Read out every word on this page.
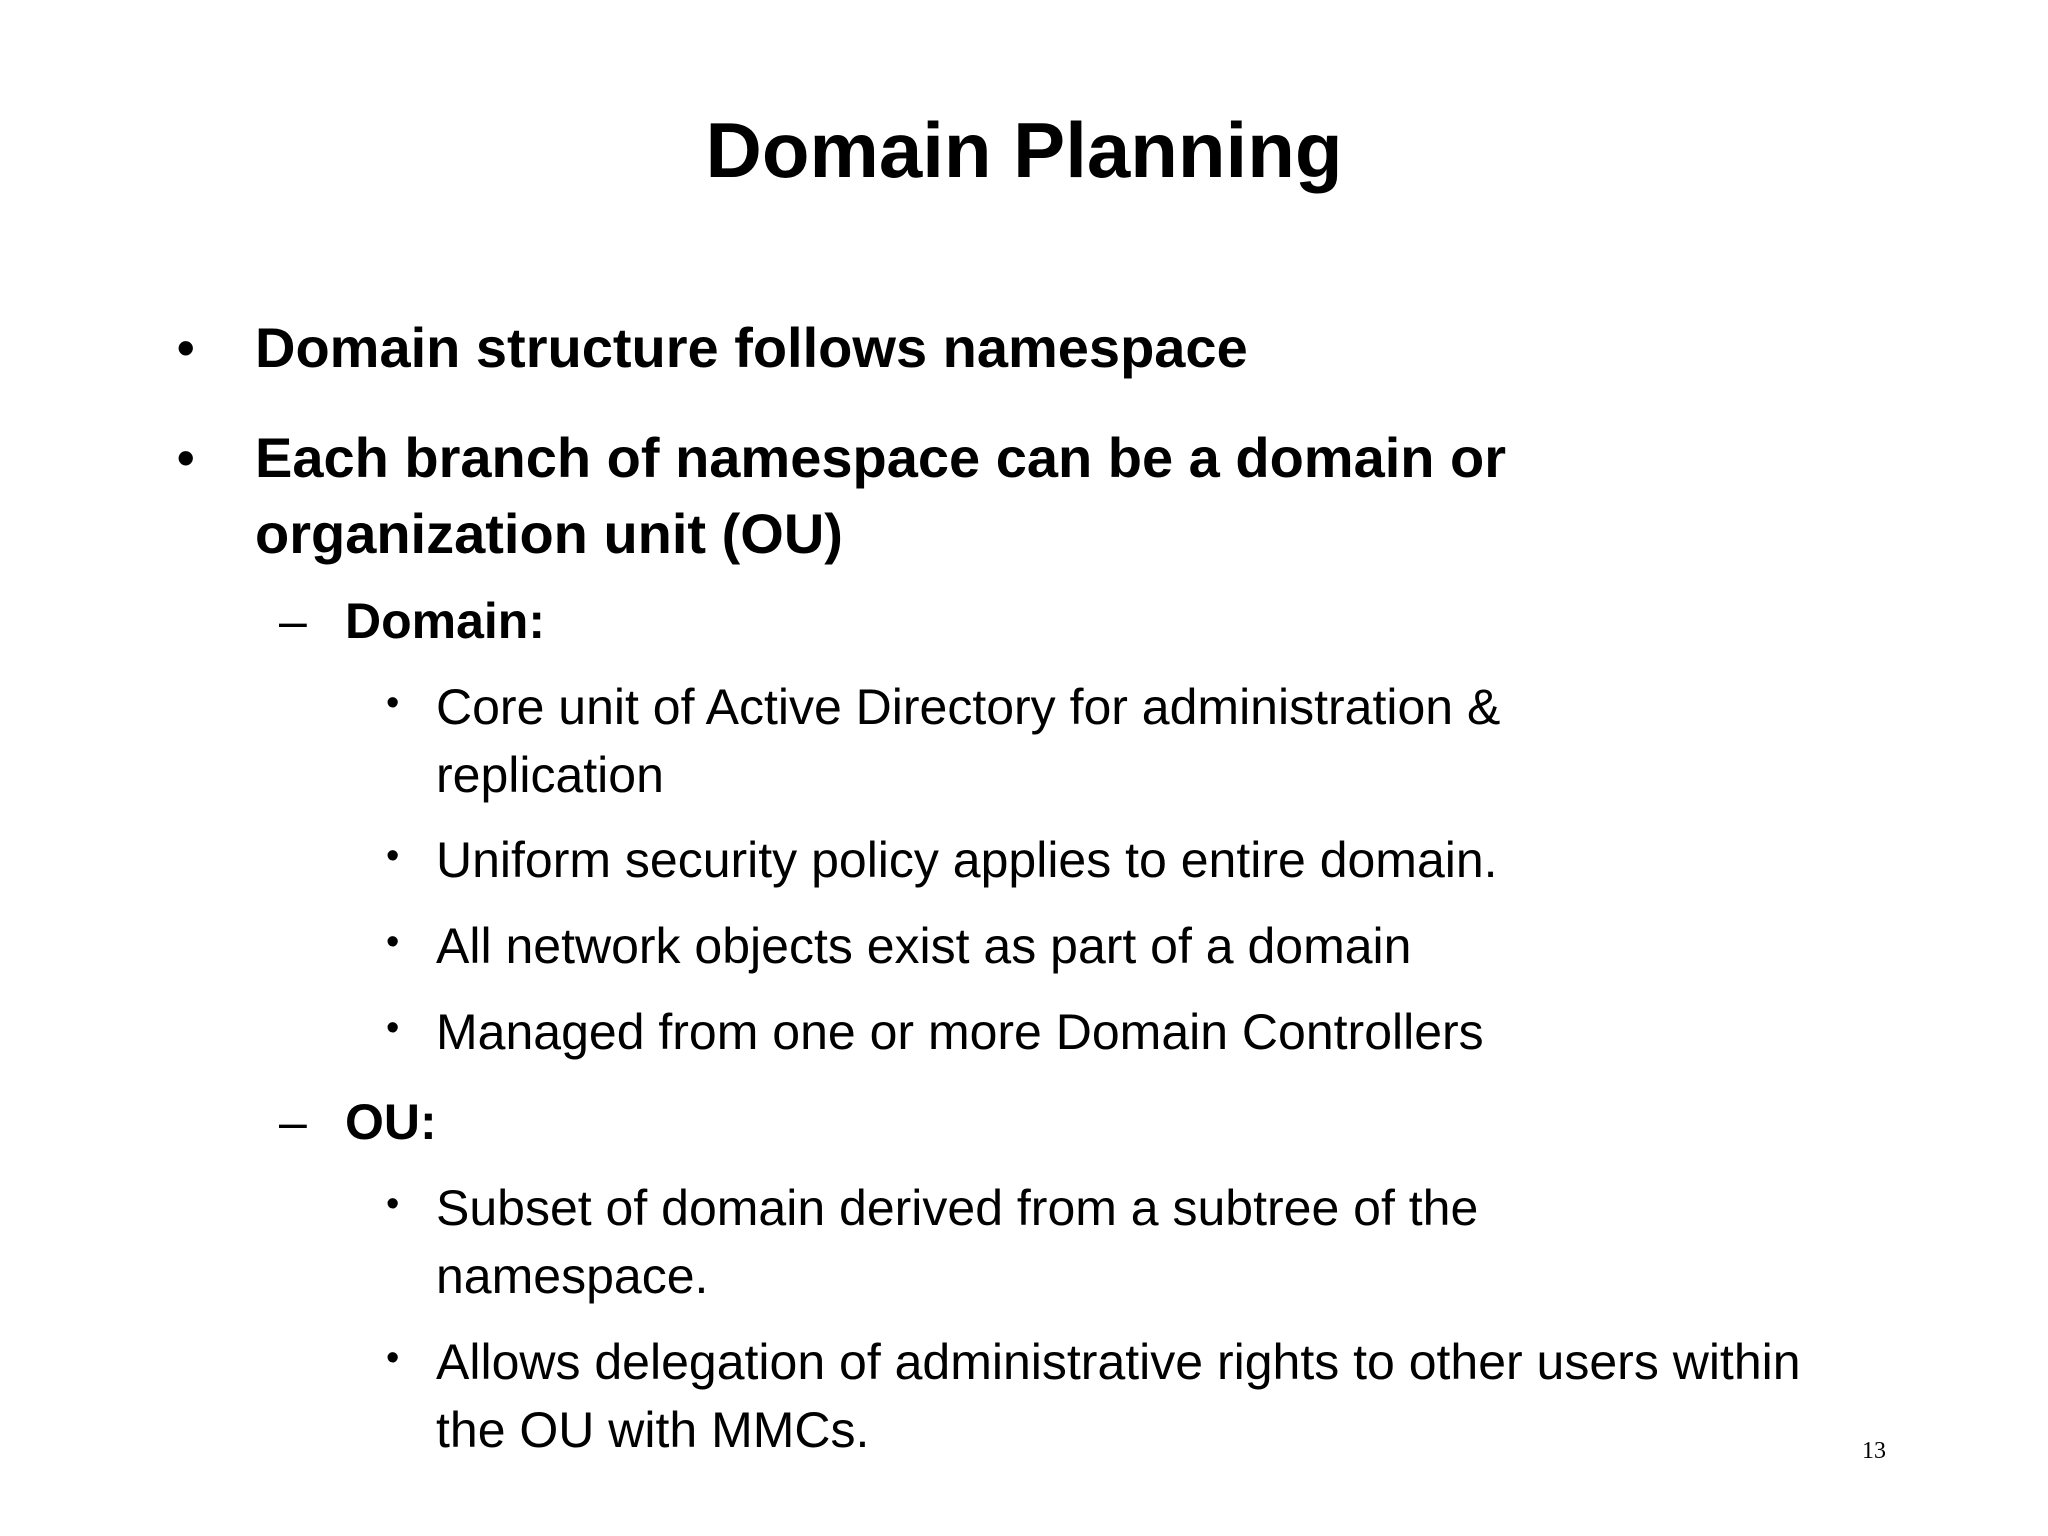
Domain Planning
• Domain structure follows namespace
• Each branch of namespace can be a domain or organization unit (OU)
– Domain:
• Core unit of Active Directory for administration & replication
• Uniform security policy applies to entire domain.
• All network objects exist as part of a domain
• Managed from one or more Domain Controllers
– OU:
• Subset of domain derived from a subtree of the namespace.
• Allows delegation of administrative rights to other users within the OU with MMCs.	13
